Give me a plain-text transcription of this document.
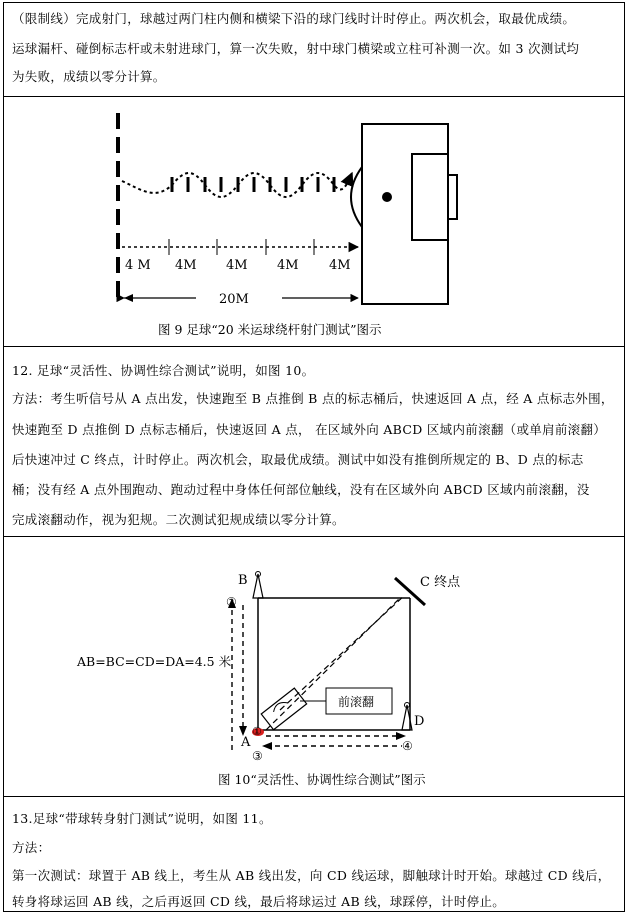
（限制线）完成射门，球越过两门柱内侧和横梁下沿的球门线时计时停止。两次机会，取最优成绩。
运球漏杆、碰倒标志杆或未射进球门，算一次失败，射中球门横梁或立柱可补测一次。如 3 次测试均
为失败，成绩以零分计算。
4 M 4M 4M 4M 4M
20M
图 9 足球“20 米运球绕杆射门测试”图示
12. 足球“灵活性、协调性综合测试”说明，如图 10。
方法：考生听信号从 A 点出发，快速跑至 B 点推倒 B 点的标志桶后，快速返回 A 点，经 A 点标志外围，
快速跑至 D 点推倒 D 点标志桶后，快速返回 A 点， 在区域外向 ABCD 区域内前滚翻（或单肩前滚翻）
后快速冲过 C 终点，计时停止。两次机会，取最优成绩。测试中如没有推倒所规定的 B、D 点的标志
桶；没有经 A 点外围跑动、跑动过程中身体任何部位触线，没有在区域外向 ABCD 区域内前滚翻，没
完成滚翻动作，视为犯规。二次测试犯规成绩以零分计算。
前滚翻
B	C 终点
D
A
①
②
③
④
AB=BC=CD=DA=4.5 米
图 10“灵活性、协调性综合测试”图示
13.足球“带球转身射门测试”说明，如图 11。
方法：
第一次测试：球置于 AB 线上，考生从 AB 线出发，向 CD 线运球，脚触球计时开始。球越过 CD 线后，
转身将球运回 AB 线，之后再返回 CD 线，最后将球运过 AB 线，球踩停，计时停止。
